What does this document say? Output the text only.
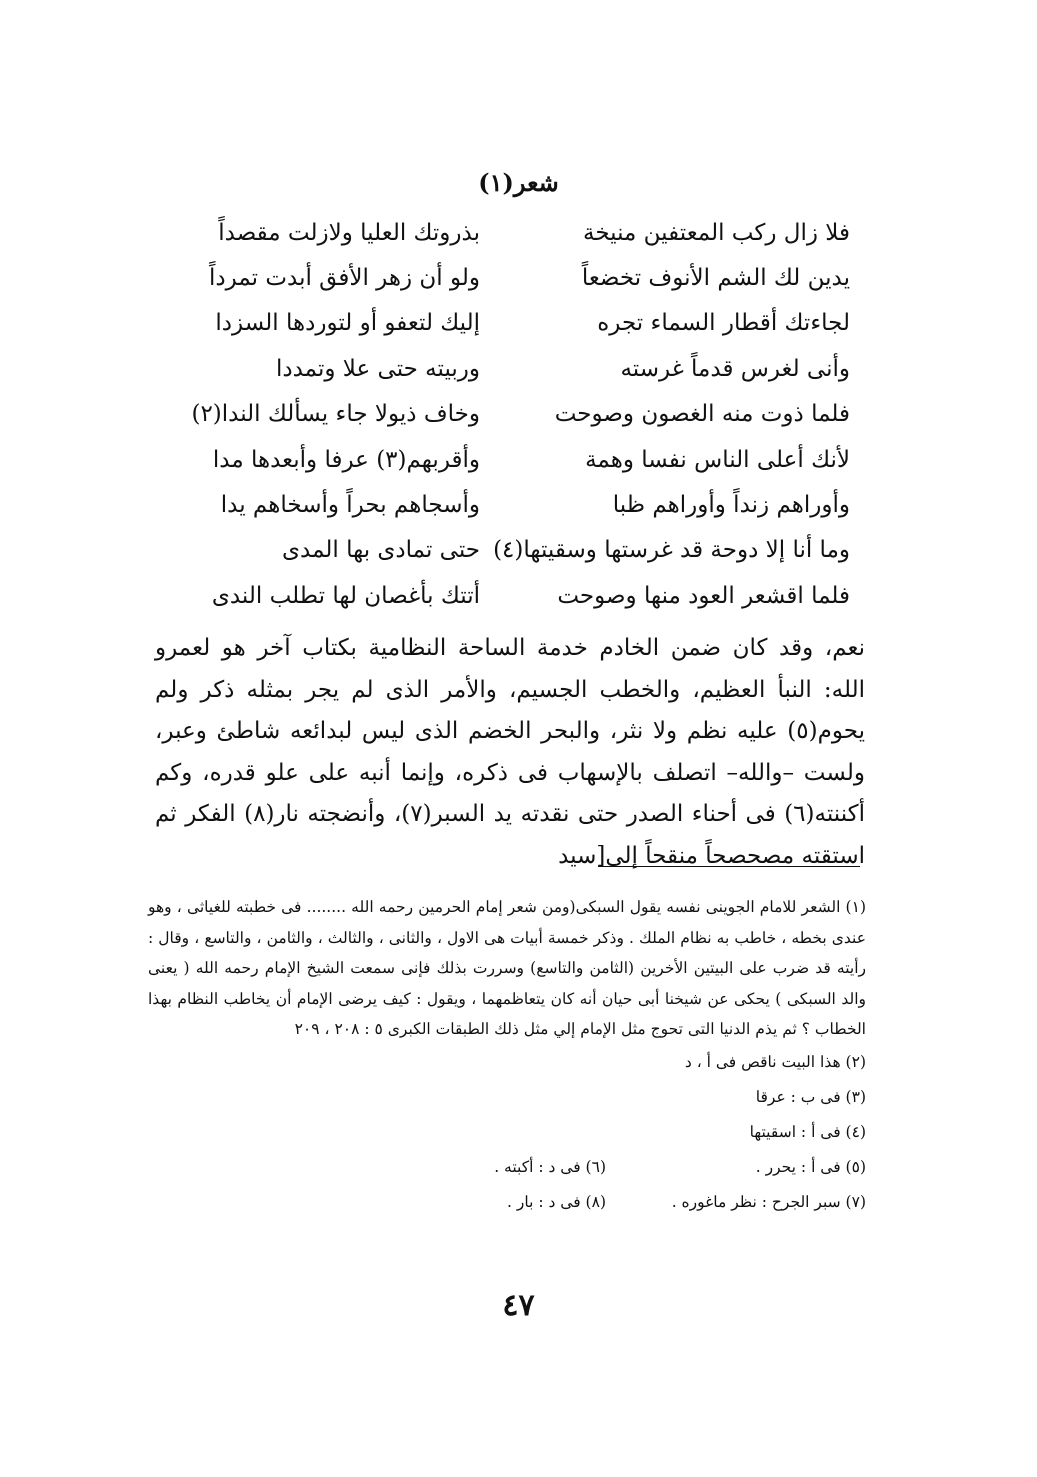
شعر(١)
فلا زال ركب المعتفين منيخة
بذروتك العليا ولازلت مقصداً
يدين لك الشم الأنوف تخضعاً
ولو أن زهر الأفق أبدت تمرداً
لجاءتك أقطار السماء تجره
إليك لتعفو أو لتوردها السزدا
وأنى لغرس قدماً غرسته
وربيته حتى علا وتمددا
فلما ذوت منه الغصون وصوحت
وخاف ذيولا جاء يسألك الندا(٢)
لأنك أعلى الناس نفسا وهمة
وأقربهم(٣) عرفا وأبعدها مدا
وأوراهم زنداً وأوراهم ظبا
وأسجاهم بحراً وأسخاهم يدا
وما أنا إلا دوحة قد غرستها وسقيتها(٤)
حتى تمادى بها المدى
فلما اقشعر العود منها وصوحت
أتتك بأغصان لها تطلب الندى
نعم، وقد كان ضمن الخادم خدمة الساحة النظامية بكتاب آخر هو لعمرو الله: النبأ العظيم، والخطب الجسيم، والأمر الذى لم يجر بمثله ذكر ولم يحوم(٥) عليه نظم ولا نثر، والبحر الخضم الذى ليس لبدائعه شاطئ وعبر، ولست –والله– اتصلف بالإسهاب فى ذكره، وإنما أنبه على علو قدره، وكم أكننته(٦) فى أحناء الصدر حتى نقدته يد السبر(٧)، وأنضجته نار(٨) الفكر ثم استقته مصحصحاً منقحاً إلى[سيد
(١) الشعر للامام الجوينى نفسه يقول السبكى(ومن شعر إمام الحرمين رحمه الله ........ فى خطبته للغياثى ، وهو عندى بخطه ، خاطب به نظام الملك . وذكر خمسة أبيات هى الاول ، والثانى ، والثالث ، والثامن ، والتاسع ، وقال : رأيته قد ضرب على البيتين الأخرين (الثامن والتاسع) وسررت بذلك فإنى سمعت الشيخ الإمام رحمه الله ( يعنى والد السبكى ) يحكى عن شيخنا أبى حيان أنه كان يتعاظمهما ، ويقول : كيف يرضى الإمام أن يخاطب النظام بهذا الخطاب ؟ ثم يذم الدنيا التى تحوج مثل الإمام إلي مثل ذلك الطبقات الكبرى ٥ : ٢٠٨ ، ٢٠٩
(٢) هذا البيت ناقص فى أ ، د
(٣) فى ب : عرقا
(٤) فى أ : اسقيتها
(٥) فى أ : يحرر .
(٦) فى د : أكبته .
(٧) سبر الجرح : نظر ماغوره .
(٨) فى د : بار .
٤٧
